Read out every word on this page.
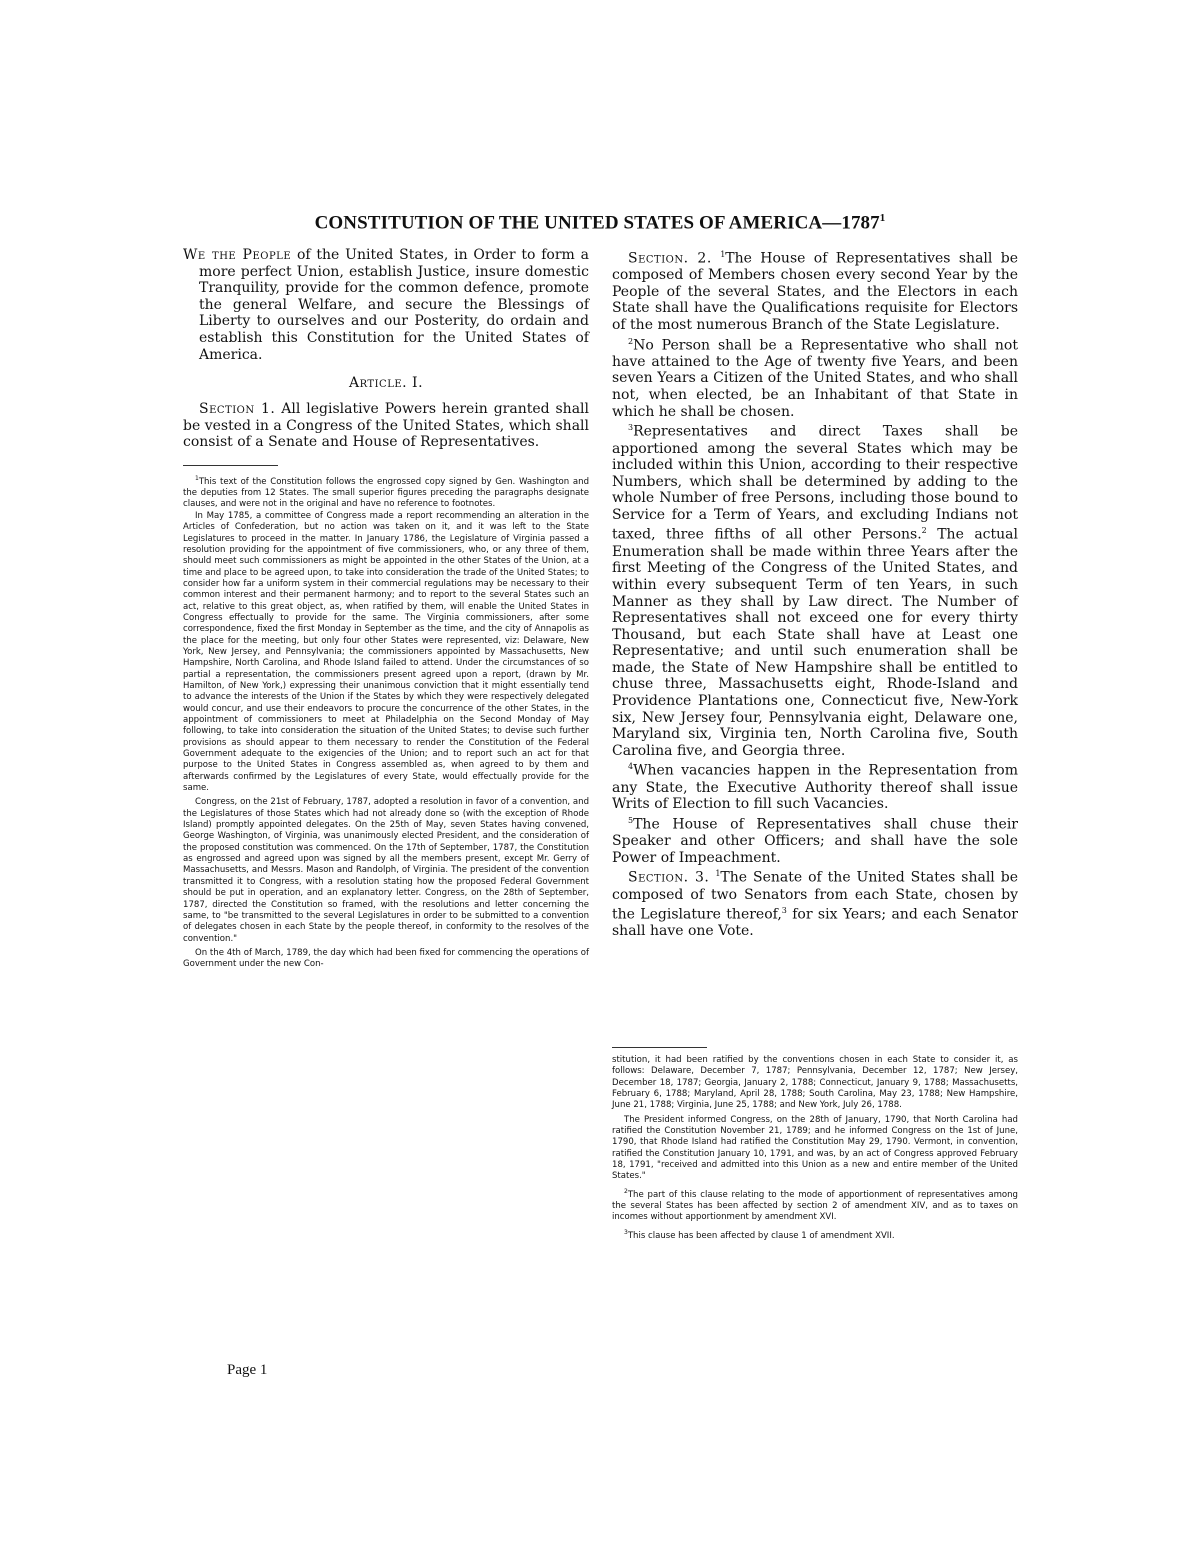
CONSTITUTION OF THE UNITED STATES OF AMERICA—1787$^1$

We the People of the United States, in Order to form a more perfect Union, establish Justice, insure domestic Tranquility, provide for the common defence, promote the general Welfare, and secure the Blessings of Liberty to ourselves and our Posterity, do ordain and establish this Constitution for the United States of America.

Article. I.

Section 1. All legislative Powers herein granted shall be vested in a Congress of the United States, which shall consist of a Senate and House of Representatives.

$^1$This text of the Constitution follows the engrossed copy signed by Gen. Washington and the deputies from 12 States. The small superior figures preceding the paragraphs designate clauses, and were not in the original and have no reference to footnotes.

In May 1785, a committee of Congress made a report recommending an alteration in the Articles of Confederation, but no action was taken on it, and it was left to the State Legislatures to proceed in the matter. In January 1786, the Legislature of Virginia passed a resolution providing for the appointment of five commissioners, who, or any three of them, should meet such commissioners as might be appointed in the other States of the Union, at a time and place to be agreed upon, to take into consideration the trade of the United States; to consider how far a uniform system in their commercial regulations may be necessary to their common interest and their permanent harmony; and to report to the several States such an act, relative to this great object, as, when ratified by them, will enable the United States in Congress effectually to provide for the same. The Virginia commissioners, after some correspondence, fixed the first Monday in September as the time, and the city of Annapolis as the place for the meeting, but only four other States were represented, viz: Delaware, New York, New Jersey, and Pennsylvania; the commissioners appointed by Massachusetts, New Hampshire, North Carolina, and Rhode Island failed to attend. Under the circumstances of so partial a representation, the commissioners present agreed upon a report, (drawn by Mr. Hamilton, of New York,) expressing their unanimous conviction that it might essentially tend to advance the interests of the Union if the States by which they were respectively delegated would concur, and use their endeavors to procure the concurrence of the other States, in the appointment of commissioners to meet at Philadelphia on the Second Monday of May following, to take into consideration the situation of the United States; to devise such further provisions as should appear to them necessary to render the Constitution of the Federal Government adequate to the exigencies of the Union; and to report such an act for that purpose to the United States in Congress assembled as, when agreed to by them and afterwards confirmed by the Legislatures of every State, would effectually provide for the same.

Congress, on the 21st of February, 1787, adopted a resolution in favor of a convention, and the Legislatures of those States which had not already done so (with the exception of Rhode Island) promptly appointed delegates. On the 25th of May, seven States having convened, George Washington, of Virginia, was unanimously elected President, and the consideration of the proposed constitution was commenced. On the 17th of September, 1787, the Constitution as engrossed and agreed upon was signed by all the members present, except Mr. Gerry of Massachusetts, and Messrs. Mason and Randolph, of Virginia. The president of the convention transmitted it to Congress, with a resolution stating how the proposed Federal Government should be put in operation, and an explanatory letter. Congress, on the 28th of September, 1787, directed the Constitution so framed, with the resolutions and letter concerning the same, to "be transmitted to the several Legislatures in order to be submitted to a convention of delegates chosen in each State by the people thereof, in conformity to the resolves of the convention."

On the 4th of March, 1789, the day which had been fixed for commencing the operations of Government under the new Con-

Section. 2. $^1$The House of Representatives shall be composed of Members chosen every second Year by the People of the several States, and the Electors in each State shall have the Qualifications requisite for Electors of the most numerous Branch of the State Legislature.

$^2$No Person shall be a Representative who shall not have attained to the Age of twenty five Years, and been seven Years a Citizen of the United States, and who shall not, when elected, be an Inhabitant of that State in which he shall be chosen.

$^3$Representatives and direct Taxes shall be apportioned among the several States which may be included within this Union, according to their respective Numbers, which shall be determined by adding to the whole Number of free Persons, including those bound to Service for a Term of Years, and excluding Indians not taxed, three fifths of all other Persons.$^2$ The actual Enumeration shall be made within three Years after the first Meeting of the Congress of the United States, and within every subsequent Term of ten Years, in such Manner as they shall by Law direct. The Number of Representatives shall not exceed one for every thirty Thousand, but each State shall have at Least one Representative; and until such enumeration shall be made, the State of New Hampshire shall be entitled to chuse three, Massachusetts eight, Rhode-Island and Providence Plantations one, Connecticut five, New-York six, New Jersey four, Pennsylvania eight, Delaware one, Maryland six, Virginia ten, North Carolina five, South Carolina five, and Georgia three.

$^4$When vacancies happen in the Representation from any State, the Executive Authority thereof shall issue Writs of Election to fill such Vacancies.

$^5$The House of Representatives shall chuse their Speaker and other Officers; and shall have the sole Power of Impeachment.

Section. 3. $^1$The Senate of the United States shall be composed of two Senators from each State, chosen by the Legislature thereof,$^3$ for six Years; and each Senator shall have one Vote.

stitution, it had been ratified by the conventions chosen in each State to consider it, as follows: Delaware, December 7, 1787; Pennsylvania, December 12, 1787; New Jersey, December 18, 1787; Georgia, January 2, 1788; Connecticut, January 9, 1788; Massachusetts, February 6, 1788; Maryland, April 28, 1788; South Carolina, May 23, 1788; New Hampshire, June 21, 1788; Virginia, June 25, 1788; and New York, July 26, 1788.

The President informed Congress, on the 28th of January, 1790, that North Carolina had ratified the Constitution November 21, 1789; and he informed Congress on the 1st of June, 1790, that Rhode Island had ratified the Constitution May 29, 1790. Vermont, in convention, ratified the Constitution January 10, 1791, and was, by an act of Congress approved February 18, 1791, "received and admitted into this Union as a new and entire member of the United States."

$^2$The part of this clause relating to the mode of apportionment of representatives among the several States has been affected by section 2 of amendment XIV, and as to taxes on incomes without apportionment by amendment XVI.

$^3$This clause has been affected by clause 1 of amendment XVII.

Page 1
